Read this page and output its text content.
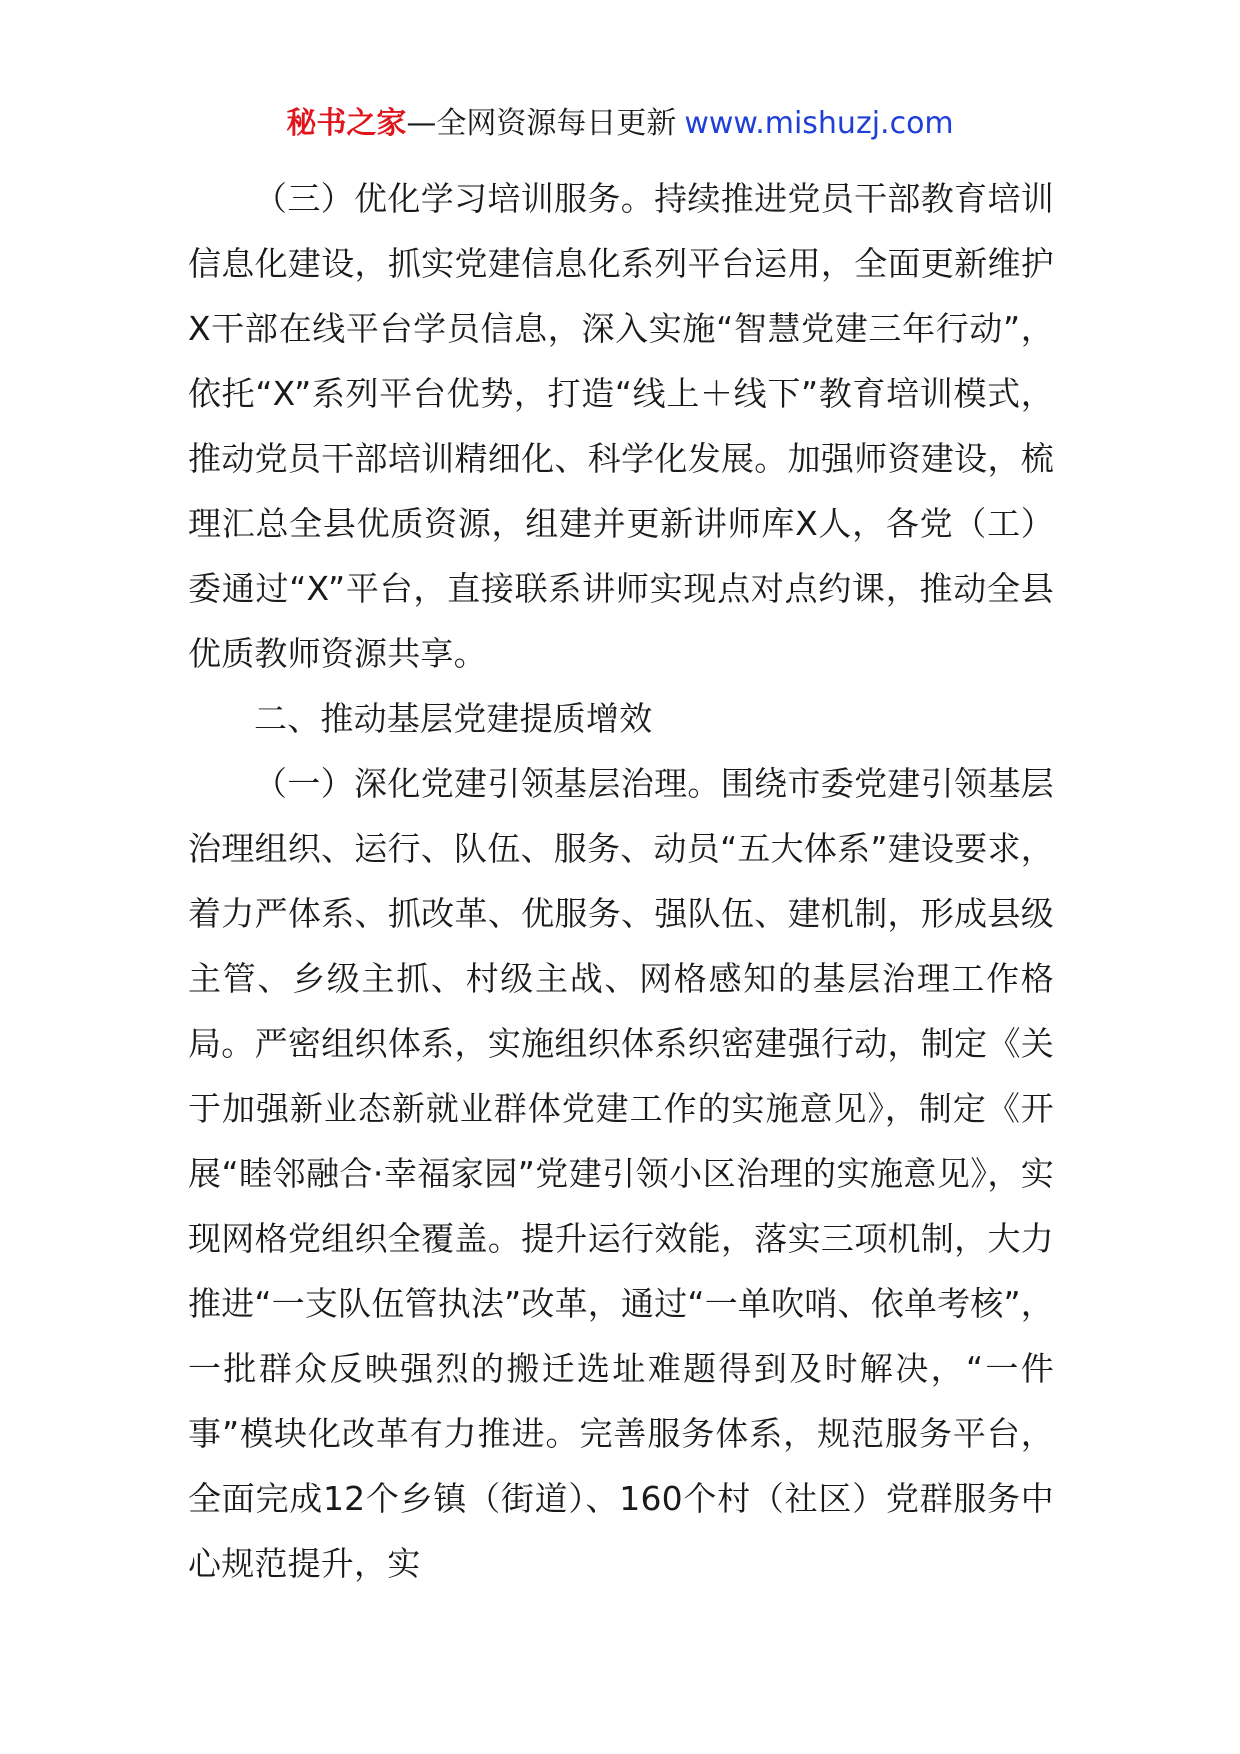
秘书之家—全网资源每日更新 www.mishuzj.com

（三）优化学习培训服务。持续推进党员干部教育培训信息化建设，抓实党建信息化系列平台运用，全面更新维护X干部在线平台学员信息，深入实施“智慧党建三年行动”，依托“X”系列平台优势，打造“线上＋线下”教育培训模式，推动党员干部培训精细化、科学化发展。加强师资建设，梳理汇总全县优质资源，组建并更新讲师库X人，各党（工）委通过“X”平台，直接联系讲师实现点对点约课，推动全县优质教师资源共享。

二、推动基层党建提质增效

（一）深化党建引领基层治理。围绕市委党建引领基层治理组织、运行、队伍、服务、动员“五大体系”建设要求，着力严体系、抓改革、优服务、强队伍、建机制，形成县级主管、乡级主抓、村级主战、网格感知的基层治理工作格局。严密组织体系，实施组织体系织密建强行动，制定《关于加强新业态新就业群体党建工作的实施意见》，制定《开展“睦邻融合·幸福家园”党建引领小区治理的实施意见》，实现网格党组织全覆盖。提升运行效能，落实三项机制，大力推进“一支队伍管执法”改革，通过“一单吹哨、依单考核”，一批群众反映强烈的搬迁选址难题得到及时解决，“一件事”模块化改革有力推进。完善服务体系，规范服务平台，全面完成12个乡镇（街道）、160个村（社区）党群服务中心规范提升，实
